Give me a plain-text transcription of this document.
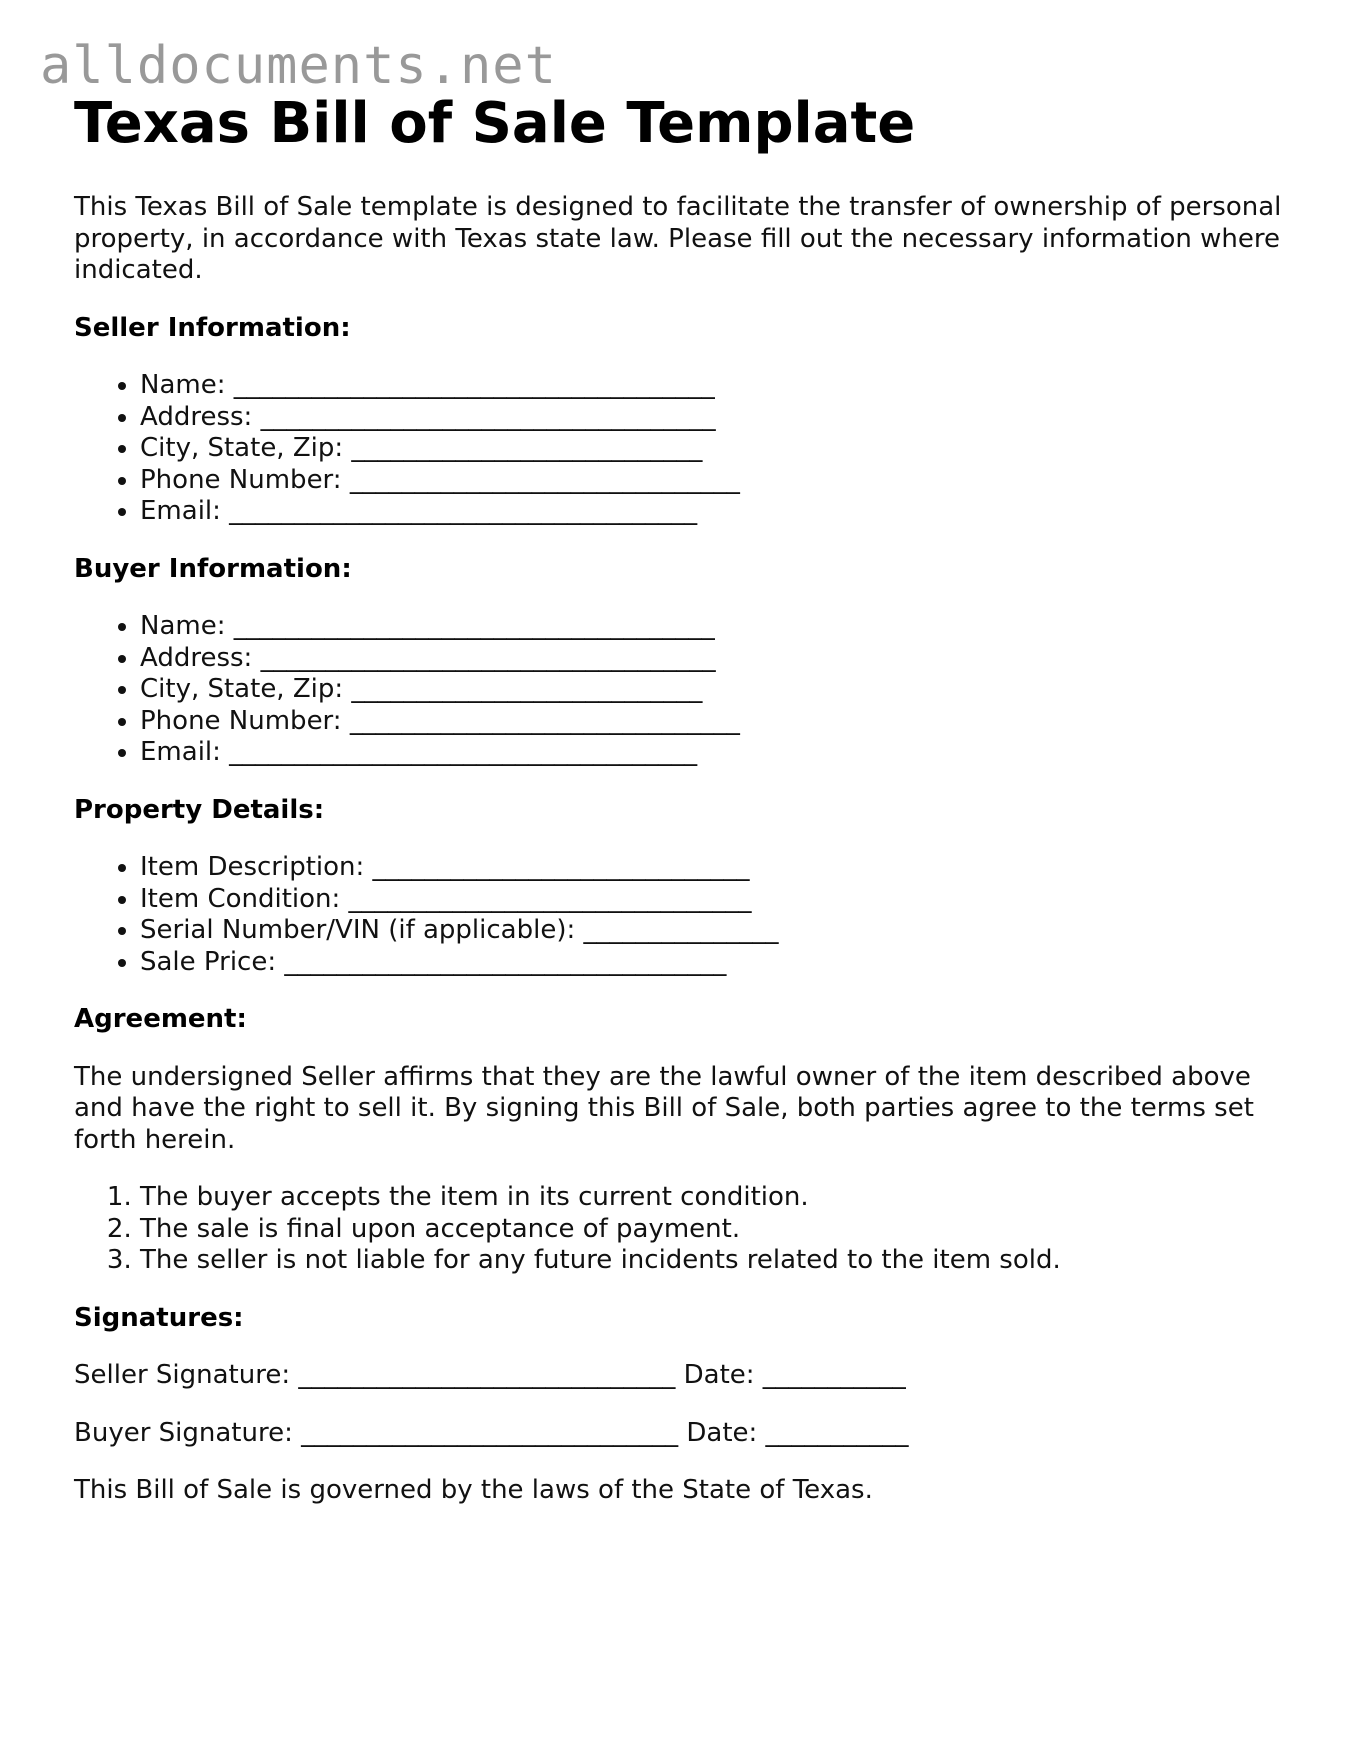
alldocuments.net
Texas Bill of Sale Template

This Texas Bill of Sale template is designed to facilitate the transfer of ownership of personal property, in accordance with Texas state law. Please fill out the necessary information where indicated.

Seller Information:
• Name: _____________________________________
• Address: ___________________________________
• City, State, Zip: ___________________________
• Phone Number: ______________________________
• Email: ____________________________________
Buyer Information:
• Name: _____________________________________
• Address: ___________________________________
• City, State, Zip: ___________________________
• Phone Number: ______________________________
• Email: ____________________________________
Property Details:
• Item Description: _____________________________
• Item Condition: _______________________________
• Serial Number/VIN (if applicable): _______________
• Sale Price: __________________________________
Agreement:

The undersigned Seller affirms that they are the lawful owner of the item described above and have the right to sell it. By signing this Bill of Sale, both parties agree to the terms set forth herein.

1. The buyer accepts the item in its current condition.
2. The sale is final upon acceptance of payment.
3. The seller is not liable for any future incidents related to the item sold.
Signatures:
Seller Signature: _____________________________ Date: ___________
Buyer Signature: _____________________________ Date: ___________

This Bill of Sale is governed by the laws of the State of Texas.
